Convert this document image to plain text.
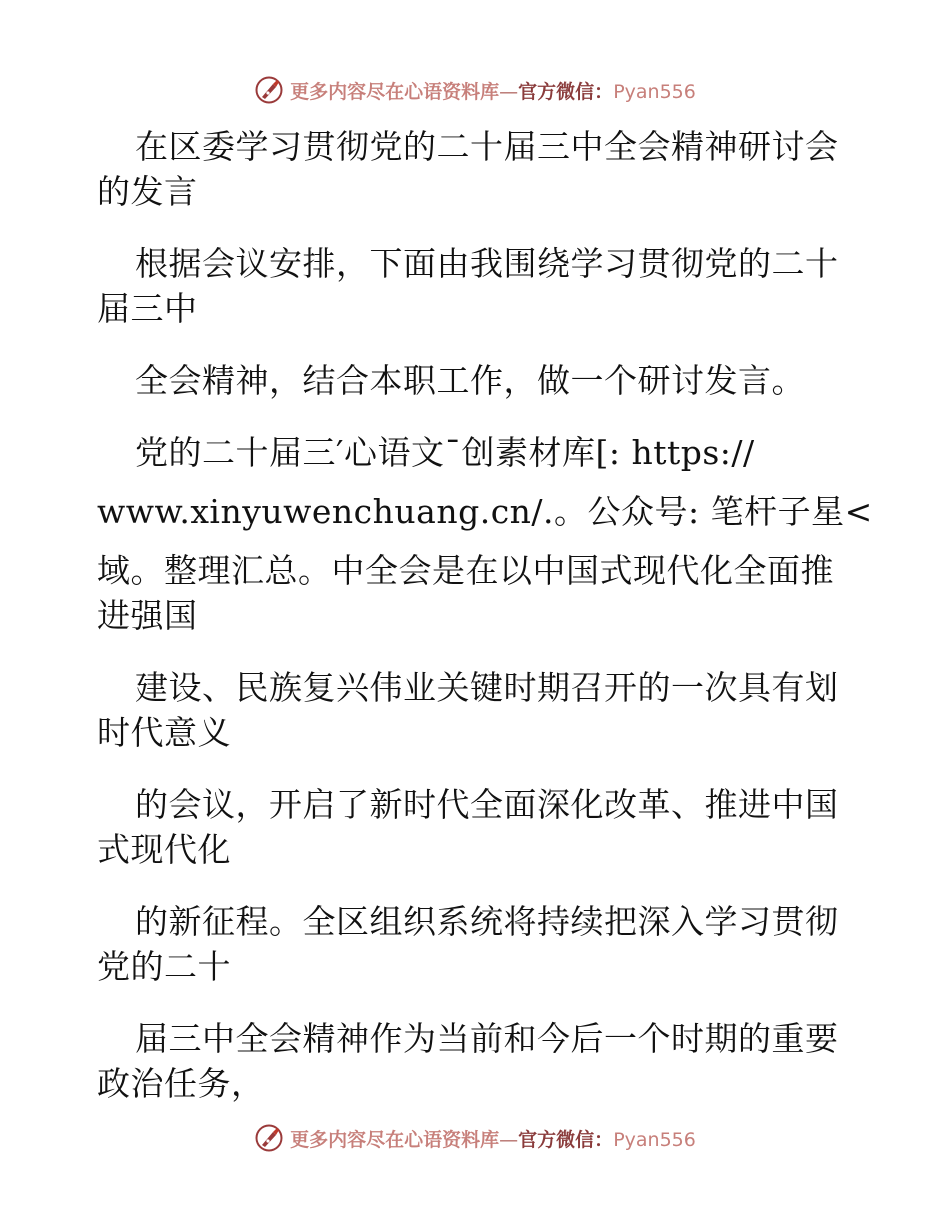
更多内容尽在心语资料库—官方微信：Pyan556

在区委学习贯彻党的二十届三中全会精神研讨会
的发言

根据会议安排，下面由我围绕学习贯彻党的二十
届三中

全会精神，结合本职工作，做一个研讨发言。

党的二十届三′心语文¯创素材库[: https://
www.xinyuwenchuang.cn/.。公众号: 笔杆子星<
域。整理汇总。中全会是在以中国式现代化全面推
进强国

建设、民族复兴伟业关键时期召开的一次具有划
时代意义

的会议，开启了新时代全面深化改革、推进中国
式现代化

的新征程。全区组织系统将持续把深入学习贯彻
党的二十

届三中全会精神作为当前和今后一个时期的重要
政治任务，

更多内容尽在心语资料库—官方微信：Pyan556
